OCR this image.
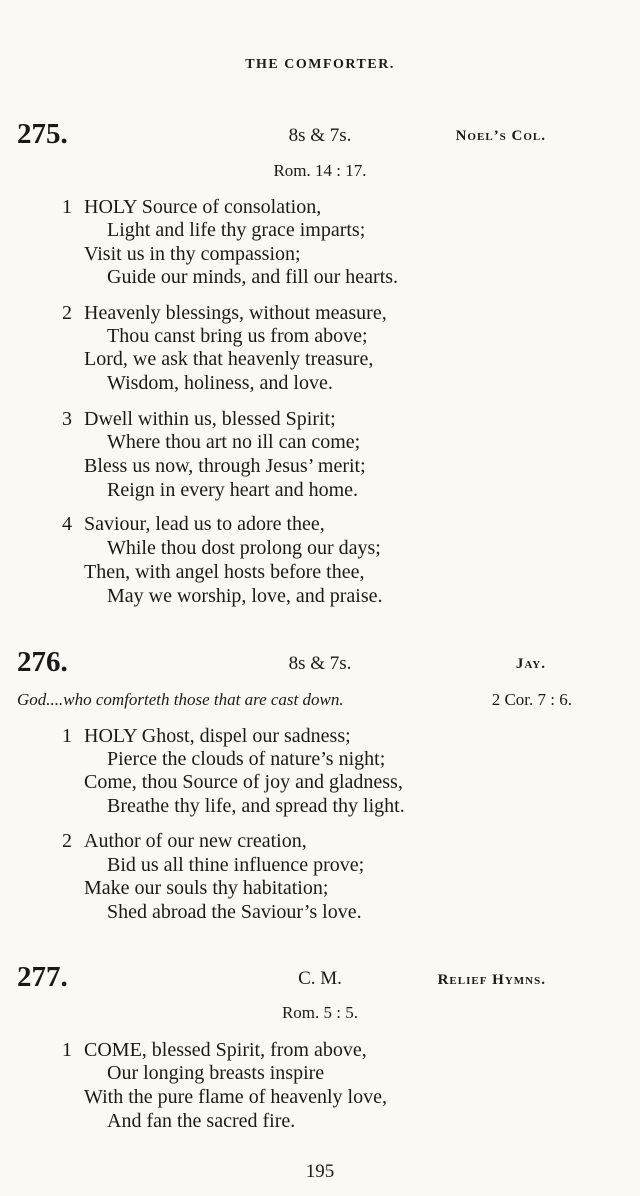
THE COMFORTER.
275.	8s & 7s.	Noel’s Col.
Rom. 14 : 17.
1 HOLY Source of consolation,
Light and life thy grace imparts;
Visit us in thy compassion;
Guide our minds, and fill our hearts.
2 Heavenly blessings, without measure,
Thou canst bring us from above;
Lord, we ask that heavenly treasure,
Wisdom, holiness, and love.
3 Dwell within us, blessed Spirit;
Where thou art no ill can come;
Bless us now, through Jesus’ merit;
Reign in every heart and home.
4 Saviour, lead us to adore thee,
While thou dost prolong our days;
Then, with angel hosts before thee,
May we worship, love, and praise.
276.	8s & 7s.	Jay.
God....who comforteth those that are cast down.	2 Cor. 7 : 6.
1 HOLY Ghost, dispel our sadness;
Pierce the clouds of nature’s night;
Come, thou Source of joy and gladness,
Breathe thy life, and spread thy light.
2 Author of our new creation,
Bid us all thine influence prove;
Make our souls thy habitation;
Shed abroad the Saviour’s love.
277.	C. M.	Relief Hymns.
Rom. 5 : 5.
1 COME, blessed Spirit, from above,
Our longing breasts inspire
With the pure flame of heavenly love,
And fan the sacred fire.
195
